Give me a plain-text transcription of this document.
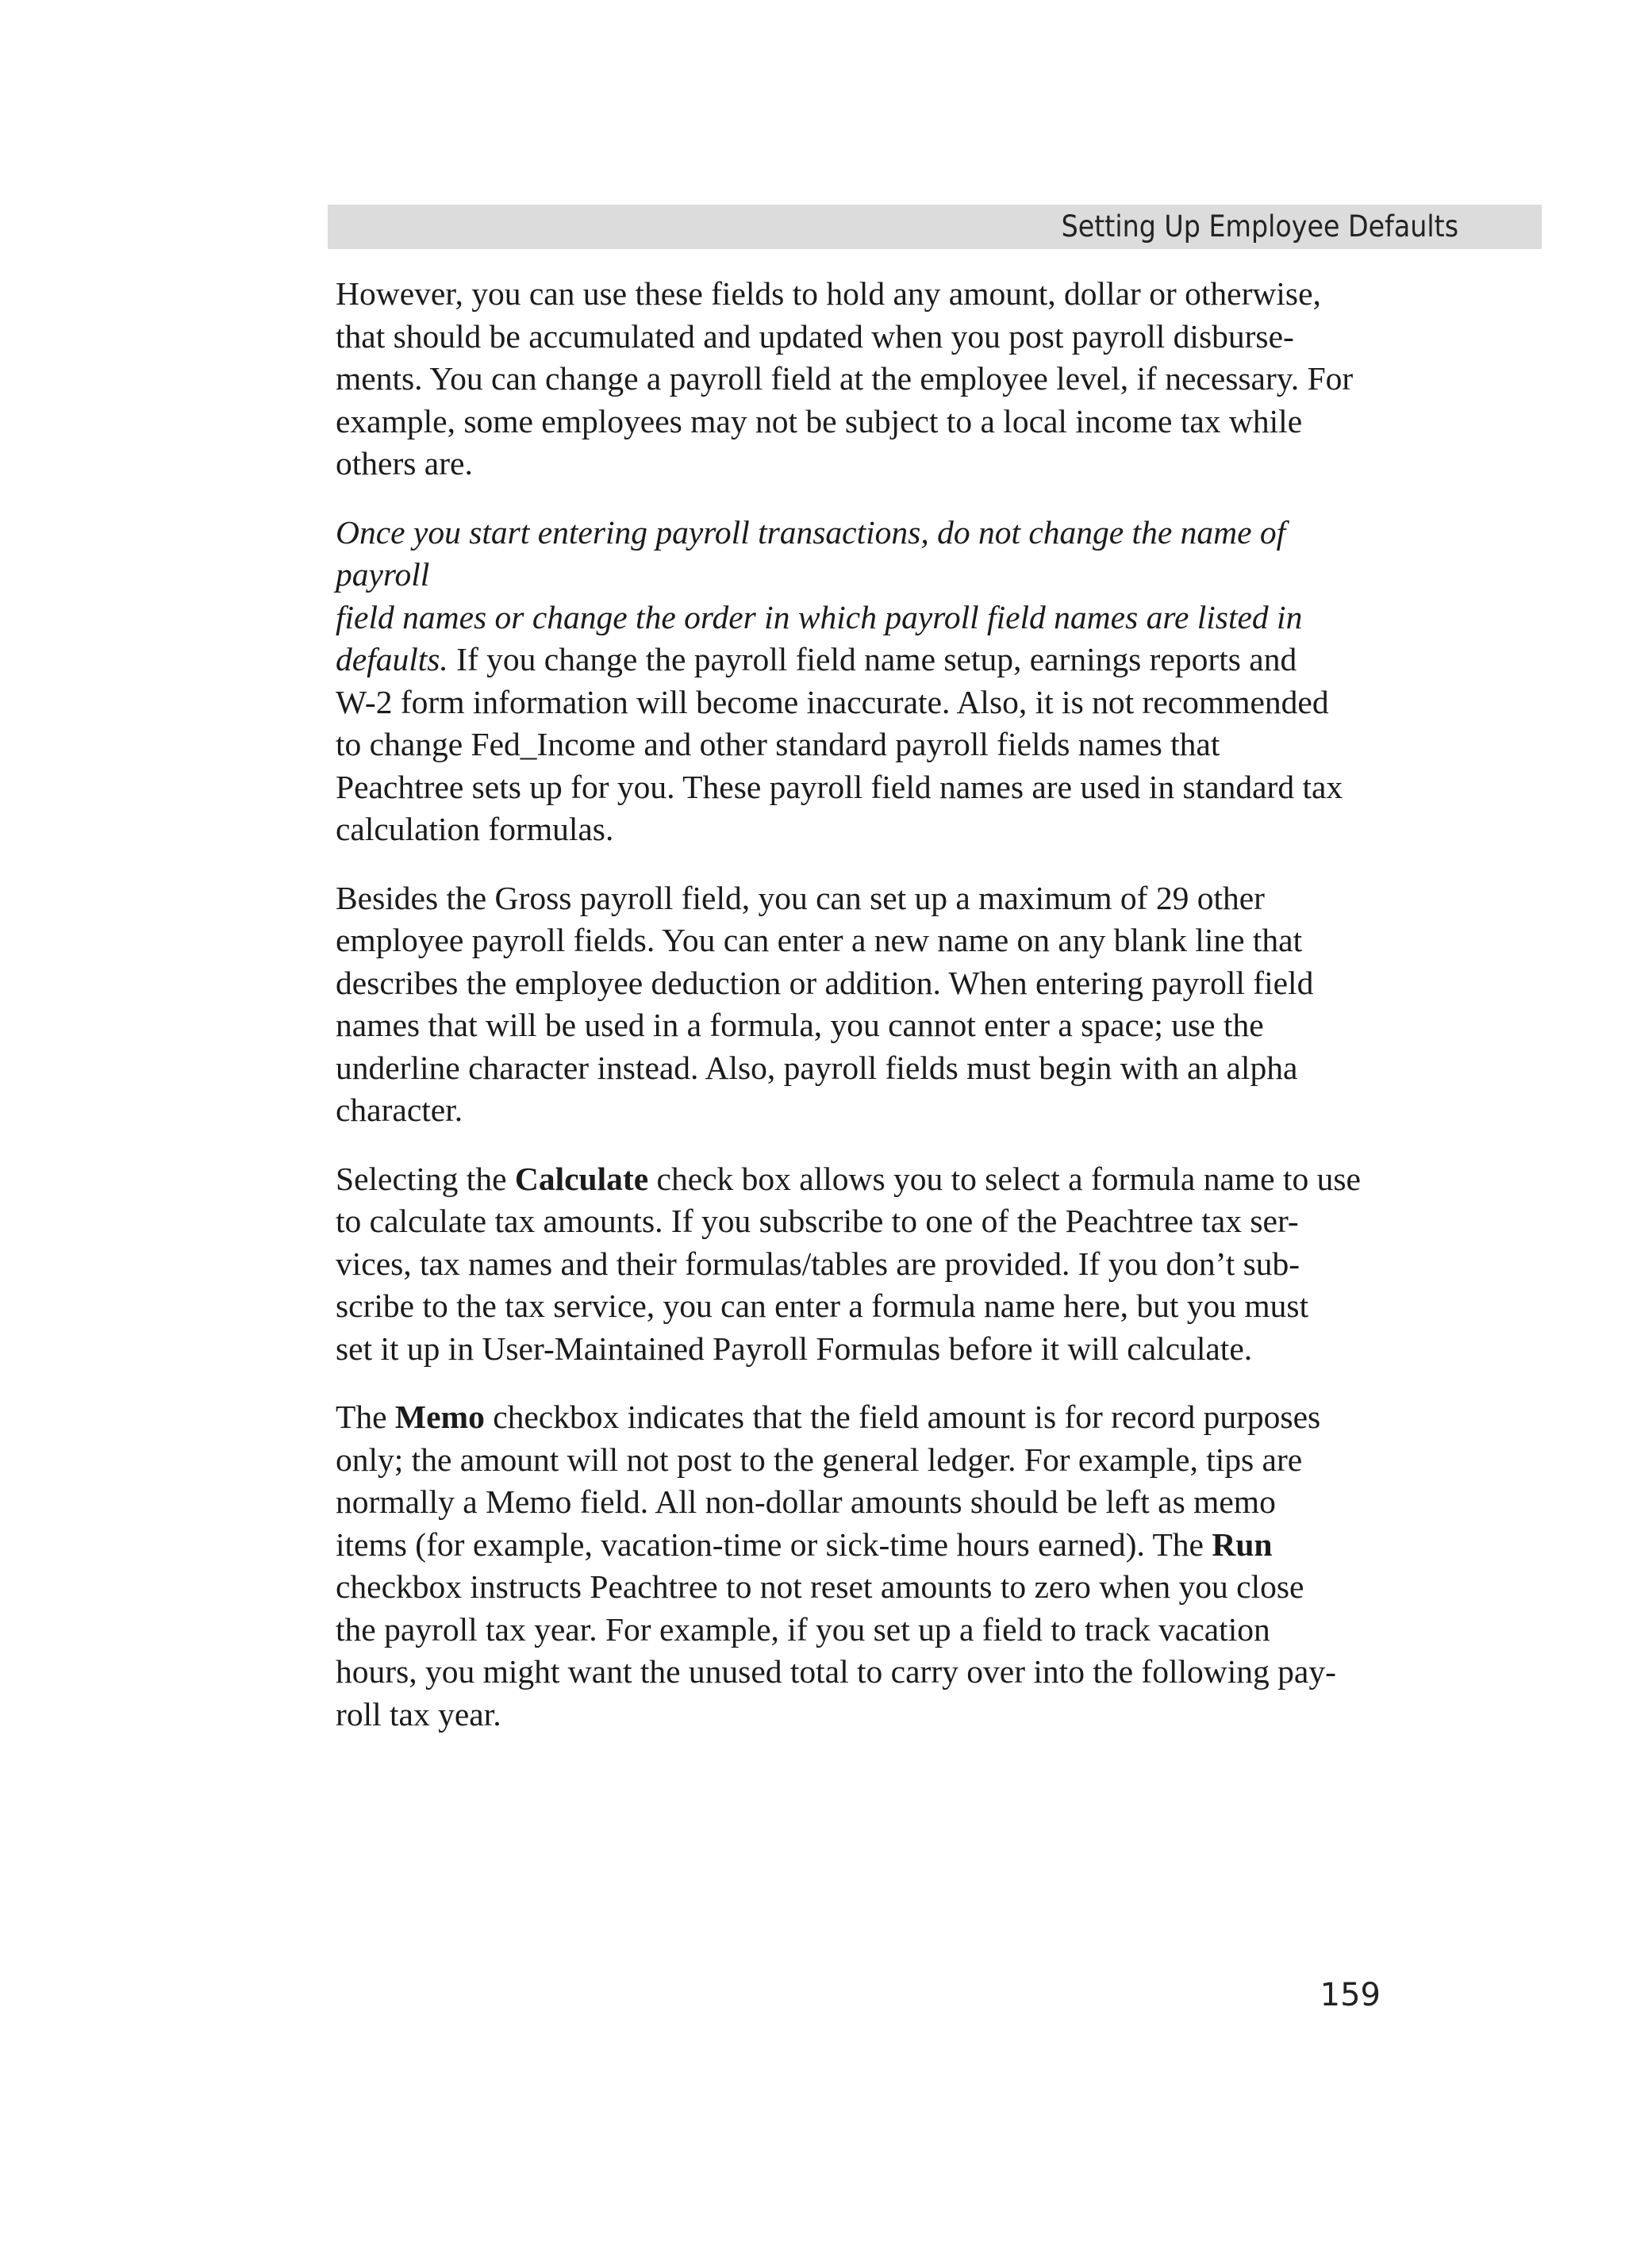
Setting Up Employee Defaults

However, you can use these fields to hold any amount, dollar or otherwise,
that should be accumulated and updated when you post payroll disburse-
ments. You can change a payroll field at the employee level, if necessary. For
example, some employees may not be subject to a local income tax while
others are.

Once you start entering payroll transactions, do not change the name of payroll
field names or change the order in which payroll field names are listed in
defaults. If you change the payroll field name setup, earnings reports and
W-2 form information will become inaccurate. Also, it is not recommended
to change Fed_Income and other standard payroll fields names that
Peachtree sets up for you. These payroll field names are used in standard tax
calculation formulas.

Besides the Gross payroll field, you can set up a maximum of 29 other
employee payroll fields. You can enter a new name on any blank line that
describes the employee deduction or addition. When entering payroll field
names that will be used in a formula, you cannot enter a space; use the
underline character instead. Also, payroll fields must begin with an alpha
character.

Selecting the Calculate check box allows you to select a formula name to use
to calculate tax amounts. If you subscribe to one of the Peachtree tax ser-
vices, tax names and their formulas/tables are provided. If you don’t sub-
scribe to the tax service, you can enter a formula name here, but you must
set it up in User-Maintained Payroll Formulas before it will calculate.

The Memo checkbox indicates that the field amount is for record purposes
only; the amount will not post to the general ledger. For example, tips are
normally a Memo field. All non-dollar amounts should be left as memo
items (for example, vacation-time or sick-time hours earned). The Run
checkbox instructs Peachtree to not reset amounts to zero when you close
the payroll tax year. For example, if you set up a field to track vacation
hours, you might want the unused total to carry over into the following pay-
roll tax year.

159
